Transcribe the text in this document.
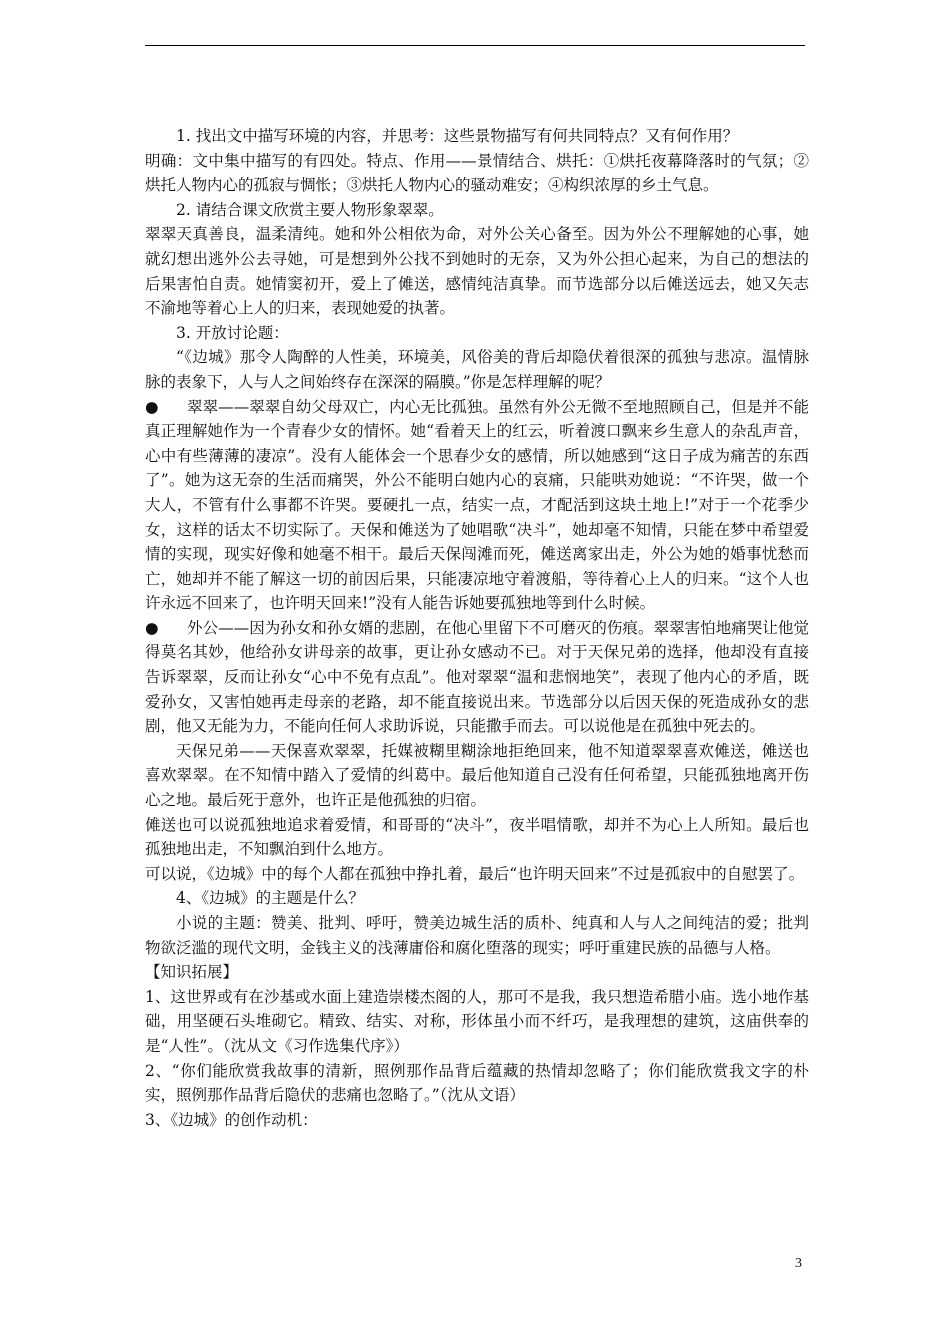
1. 找出文中描写环境的内容，并思考：这些景物描写有何共同特点？又有何作用？

明确：文中集中描写的有四处。特点、作用——景情结合、烘托：①烘托夜幕降落时的气氛；②烘托人物内心的孤寂与惆怅；③烘托人物内心的骚动难安；④构织浓厚的乡土气息。

2. 请结合课文欣赏主要人物形象翠翠。

翠翠天真善良，温柔清纯。她和外公相依为命，对外公关心备至。因为外公不理解她的心事，她就幻想出逃外公去寻她，可是想到外公找不到她时的无奈，又为外公担心起来，为自己的想法的后果害怕自责。她情窦初开，爱上了傩送，感情纯洁真挚。而节选部分以后傩送远去，她又矢志不渝地等着心上人的归来，表现她爱的执著。

3. 开放讨论题：

“《边城》那令人陶醉的人性美，环境美，风俗美的背后却隐伏着很深的孤独与悲凉。温情脉脉的表象下，人与人之间始终存在深深的隔膜。”你是怎样理解的呢？

● 翠翠——翠翠自幼父母双亡，内心无比孤独。虽然有外公无微不至地照顾自己，但是并不能真正理解她作为一个青春少女的情怀。她“看着天上的红云，听着渡口飘来乡生意人的杂乱声音，心中有些薄薄的凄凉”。没有人能体会一个思春少女的感情，所以她感到“这日子成为痛苦的东西了”。她为这无奈的生活而痛哭，外公不能明白她内心的哀痛，只能哄劝她说：“不许哭，做一个大人，不管有什么事都不许哭。要硬扎一点，结实一点，才配活到这块土地上!”对于一个花季少女，这样的话太不切实际了。天保和傩送为了她唱歌“决斗”，她却毫不知情，只能在梦中希望爱情的实现，现实好像和她毫不相干。最后天保闯滩而死，傩送离家出走，外公为她的婚事忧愁而亡，她却并不能了解这一切的前因后果，只能凄凉地守着渡船，等待着心上人的归来。“这个人也许永远不回来了，也许明天回来!”没有人能告诉她要孤独地等到什么时候。

● 外公——因为孙女和孙女婿的悲剧，在他心里留下不可磨灭的伤痕。翠翠害怕地痛哭让他觉得莫名其妙，他给孙女讲母亲的故事，更让孙女感动不已。对于天保兄弟的选择，他却没有直接告诉翠翠，反而让孙女“心中不免有点乱”。他对翠翠“温和悲悯地笑”，表现了他内心的矛盾，既爱孙女，又害怕她再走母亲的老路，却不能直接说出来。节选部分以后因天保的死造成孙女的悲剧，他又无能为力，不能向任何人求助诉说，只能撒手而去。可以说他是在孤独中死去的。

天保兄弟——天保喜欢翠翠，托媒被糊里糊涂地拒绝回来，他不知道翠翠喜欢傩送，傩送也喜欢翠翠。在不知情中踏入了爱情的纠葛中。最后他知道自己没有任何希望，只能孤独地离开伤心之地。最后死于意外，也许正是他孤独的归宿。

傩送也可以说孤独地追求着爱情，和哥哥的“决斗”，夜半唱情歌，却并不为心上人所知。最后也孤独地出走，不知飘泊到什么地方。

可以说，《边城》中的每个人都在孤独中挣扎着，最后“也许明天回来”不过是孤寂中的自慰罢了。

4、《边城》的主题是什么？

小说的主题：赞美、批判、呼吁，赞美边城生活的质朴、纯真和人与人之间纯洁的爱；批判物欲泛滥的现代文明，金钱主义的浅薄庸俗和腐化堕落的现实；呼吁重建民族的品德与人格。

【知识拓展】

1、这世界或有在沙基或水面上建造崇楼杰阁的人，那可不是我，我只想造希腊小庙。选小地作基础，用坚硬石头堆砌它。精致、结实、对称，形体虽小而不纤巧，是我理想的建筑，这庙供奉的是“人性”。（沈从文《习作选集代序》）

2、“你们能欣赏我故事的清新，照例那作品背后蕴藏的热情却忽略了；你们能欣赏我文字的朴实，照例那作品背后隐伏的悲痛也忽略了。”（沈从文语）

3、《边城》的创作动机：

3
